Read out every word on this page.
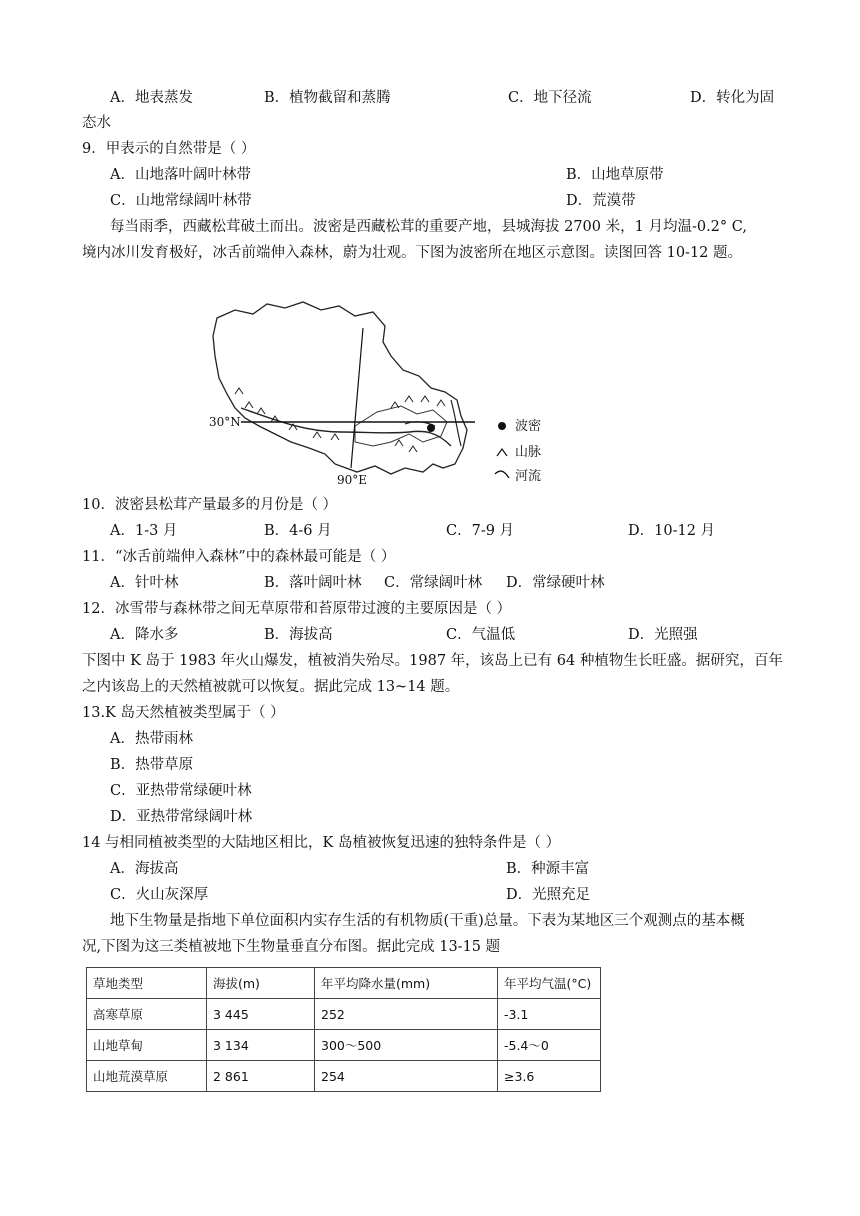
A．地表蒸发	B．植物截留和蒸腾	C．地下径流	D．转化为固
态水
9．甲表示的自然带是（ ）
A．山地落叶阔叶林带	B．山地草原带
C．山地常绿阔叶林带	D．荒漠带
每当雨季，西藏松茸破土而出。波密是西藏松茸的重要产地，县城海拔 2700 米，1 月均温-0.2° C,
境内冰川发育极好，冰舌前端伸入森林，蔚为壮观。下图为波密所在地区示意图。读图回答 10-12 题。
30°N
90°E
波密
山脉
河流
10．波密县松茸产量最多的月份是（ ）
A．1-3 月	B．4-6 月	C．7-9 月	D．10-12 月
11．“冰舌前端伸入森林”中的森林最可能是（ ）
A．针叶林	B．落叶阔叶林 C．常绿阔叶林 D．常绿硬叶林
12．冰雪带与森林带之间无草原带和苔原带过渡的主要原因是（ ）
A．降水多	B．海拔高	C．气温低	D．光照强
下图中 K 岛于 1983 年火山爆发，植被消失殆尽。1987 年，该岛上已有 64 种植物生长旺盛。据研究，百年
之内该岛上的天然植被就可以恢复。据此完成 13~14 题。
13.K 岛天然植被类型属于（ ）
A．热带雨林
B．热带草原
C．亚热带常绿硬叶林
D．亚热带常绿阔叶林
14 与相同植被类型的大陆地区相比，K 岛植被恢复迅速的独特条件是（ ）
A．海拔高	B．种源丰富
C．火山灰深厚	D．光照充足
地下生物量是指地下单位面积内实存生活的有机物质(干重)总量。下表为某地区三个观测点的基本概
况,下图为这三类植被地下生物量垂直分布图。据此完成 13-15 题
草地类型	海拔(m)	年平均降水量(mm)	年平均气温(°C)
高寒草原	3 445	252	-3.1
山地草甸	3 134	300～500	-5.4～0
山地荒漠草原	2 861	254	≥3.6
